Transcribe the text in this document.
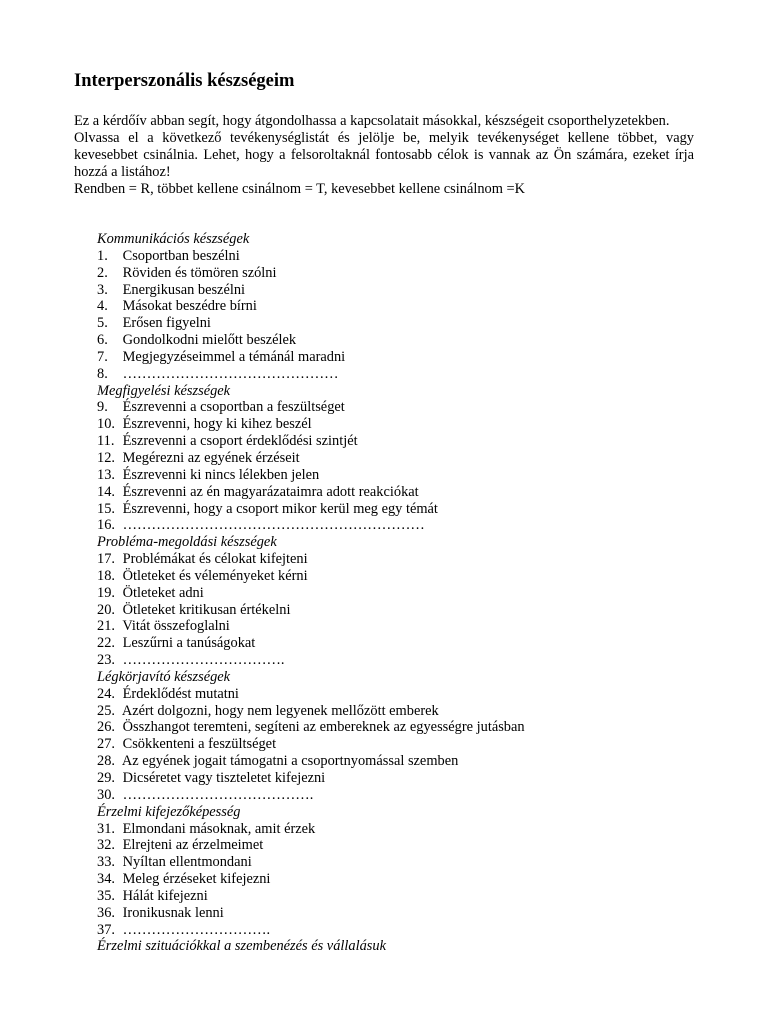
Interperszonális készségeim

Ez a kérdőív abban segít, hogy átgondolhassa a kapcsolatait másokkal, készségeit csoporthelyzetekben.

Olvassa el a következő tevékenységlistát és jelölje be, melyik tevékenységet kellene többet, vagy kevesebbet csinálnia. Lehet, hogy a felsoroltaknál fontosabb célok is vannak az Ön számára, ezeket írja hozzá a listához!

Rendben = R, többet kellene csinálnom = T, kevesebbet kellene csinálnom =K

Kommunikációs készségek
1. Csoportban beszélni
2. Röviden és tömören szólni
3. Energikusan beszélni
4. Másokat beszédre bírni
5. Erősen figyelni
6. Gondolkodni mielőtt beszélek
7. Megjegyzéseimmel a témánál maradni
8. ………………………………………
Megfigyelési készségek
9. Észrevenni a csoportban a feszültséget
10. Észrevenni, hogy ki kihez beszél
11. Észrevenni a csoport érdeklődési szintjét
12. Megérezni az egyének érzéseit
13. Észrevenni ki nincs lélekben jelen
14. Észrevenni az én magyarázataimra adott reakciókat
15. Észrevenni, hogy a csoport mikor kerül meg egy témát
16. ………………………………………………………
Probléma-megoldási készségek
17. Problémákat és célokat kifejteni
18. Ötleteket és véleményeket kérni
19. Ötleteket adni
20. Ötleteket kritikusan értékelni
21. Vitát összefoglalni
22. Leszűrni a tanúságokat
23. …………………………….
Légkörjavító készségek
24. Érdeklődést mutatni
25. Azért dolgozni, hogy nem legyenek mellőzött emberek
26. Összhangot teremteni, segíteni az embereknek az egyességre jutásban
27. Csökkenteni a feszültséget
28. Az egyének jogait támogatni a csoportnyomással szemben
29. Dicséretet vagy tiszteletet kifejezni
30. ………………………………….
Érzelmi kifejezőképesség
31. Elmondani másoknak, amit érzek
32. Elrejteni az érzelmeimet
33. Nyíltan ellentmondani
34. Meleg érzéseket kifejezni
35. Hálát kifejezni
36. Ironikusnak lenni
37. ………………………….
Érzelmi szituációkkal a szembenézés és vállalásuk
